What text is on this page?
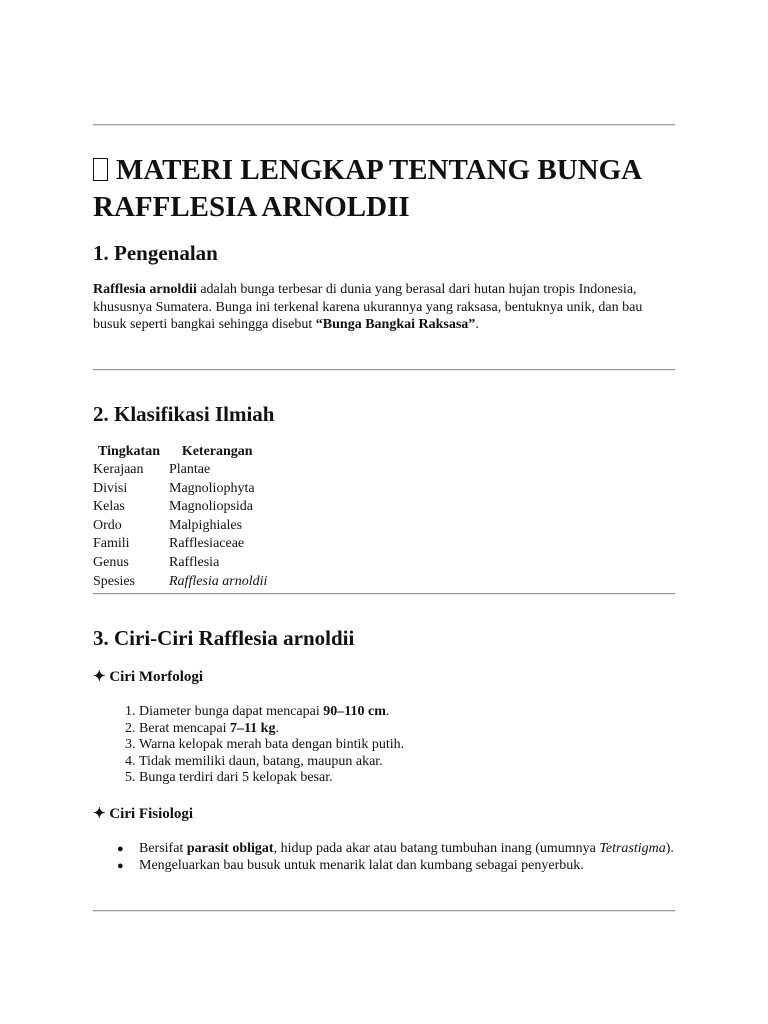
MATERI LENGKAP TENTANG BUNGA RAFFLESIA ARNOLDII
1. Pengenalan

Rafflesia arnoldii adalah bunga terbesar di dunia yang berasal dari hutan hujan tropis Indonesia, khususnya Sumatera. Bunga ini terkenal karena ukurannya yang raksasa, bentuknya unik, dan bau busuk seperti bangkai sehingga disebut “Bunga Bangkai Raksasa”.

2. Klasifikasi Ilmiah
Tingkatan	Keterangan
Kerajaan	Plantae
Divisi	Magnoliophyta
Kelas	Magnoliopsida
Ordo	Malpighiales
Famili	Rafflesiaceae
Genus	Rafflesia
Spesies	Rafflesia arnoldii
3. Ciri-Ciri Rafflesia arnoldii
✦ Ciri Morfologi
1. Diameter bunga dapat mencapai 90–110 cm.
2. Berat mencapai 7–11 kg.
3. Warna kelopak merah bata dengan bintik putih.
4. Tidak memiliki daun, batang, maupun akar.
5. Bunga terdiri dari 5 kelopak besar.
✦ Ciri Fisiologi
● Bersifat parasit obligat, hidup pada akar atau batang tumbuhan inang (umumnya Tetrastigma).
● Mengeluarkan bau busuk untuk menarik lalat dan kumbang sebagai penyerbuk.
